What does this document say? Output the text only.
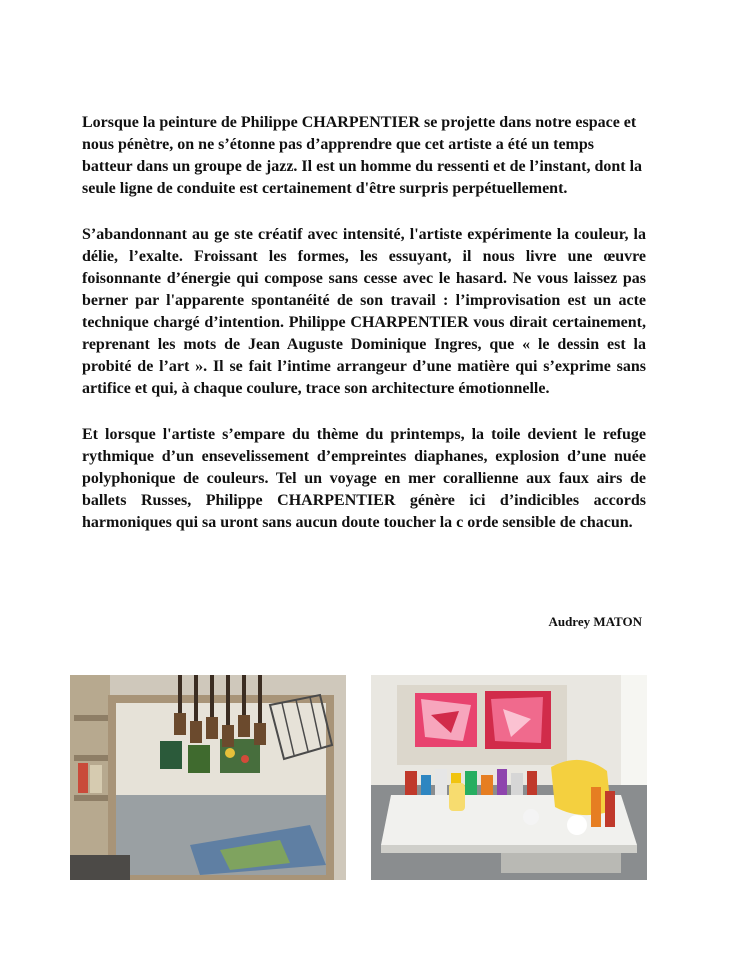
Lorsque la peinture de Philippe CHARPENTIER se projette dans notre espace et nous pénètre, on ne s’étonne pas d’apprendre que cet artiste a été un temps batteur dans un groupe de jazz. Il est un homme du ressenti et de l’instant, dont la seule ligne de conduite est certainement d'être surpris perpétuellement.

S’abandonnant au ge ste créatif avec intensité, l'artiste expérimente la couleur, la délie, l’exalte. Froissant les formes, les essuyant, il nous livre une œuvre foisonnante d’énergie qui compose sans cesse avec le hasard. Ne vous laissez pas berner par l'apparente spontanéité de son travail : l’improvisation est un acte technique chargé d’intention. Philippe CHARPENTIER vous dirait certainement, reprenant les mots de Jean Auguste Dominique Ingres, que « le dessin est la probité de l’art ». Il se fait l’intime arrangeur d’une matière qui s’exprime sans artifice et qui, à chaque coulure, trace son architecture émotionnelle.

Et lorsque l'artiste s’empare du thème du printemps, la toile devient le refuge rythmique d’un ensevelissement d’empreintes diaphanes, explosion d’une nuée polyphonique de couleurs. Tel un voyage en mer corallienne aux faux airs de ballets Russes, Philippe CHARPENTIER génère ici d’indicibles accords harmoniques qui sa uront sans aucun doute toucher la c orde sensible de chacun.

Audrey MATON
